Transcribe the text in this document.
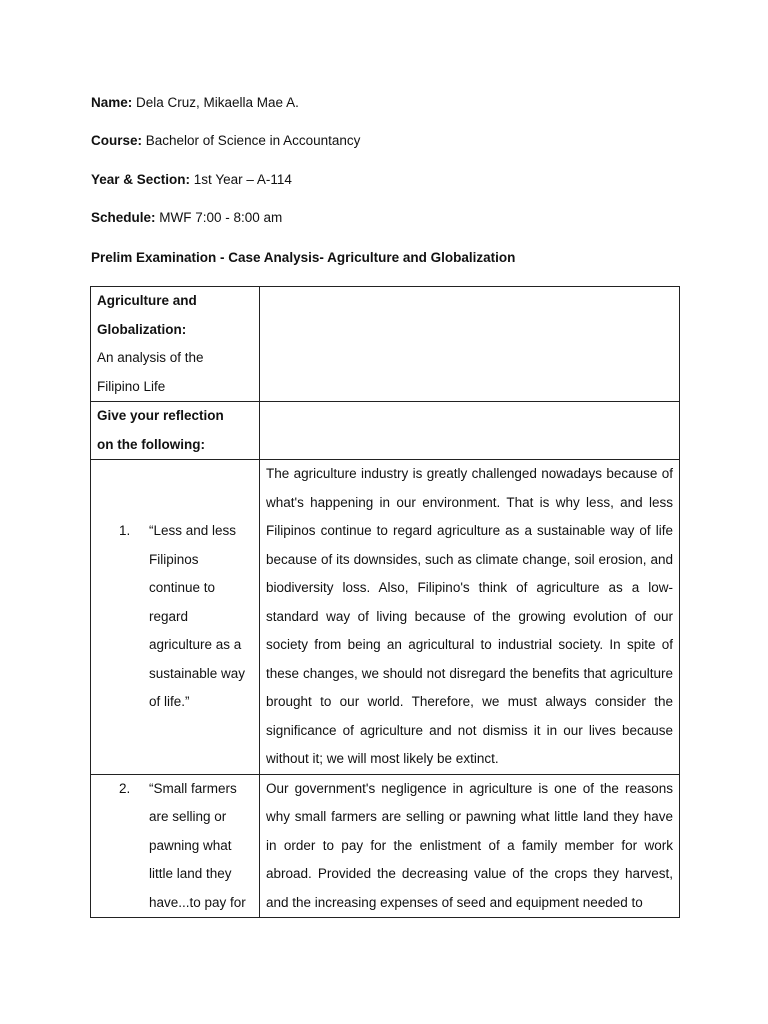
Name: Dela Cruz, Mikaella Mae A.
Course: Bachelor of Science in Accountancy
Year & Section: 1st Year – A-114
Schedule: MWF 7:00 - 8:00 am
Prelim Examination - Case Analysis- Agriculture and Globalization
Agriculture and
Globalization:
An analysis of the
Filipino Life	

Give your reflection
on the following:	

1. “Less and less Filipinos continue to regard agriculture as a sustainable way of life.”	The agriculture industry is greatly challenged nowadays because of what's happening in our environment. That is why less, and less Filipinos continue to regard agriculture as a sustainable way of life because of its downsides, such as climate change, soil erosion, and biodiversity loss. Also, Filipino's think of agriculture as a low-standard way of living because of the growing evolution of our society from being an agricultural to industrial society. In spite of these changes, we should not disregard the benefits that agriculture brought to our world. Therefore, we must always consider the significance of agriculture and not dismiss it in our lives because without it; we will most likely be extinct.

2. “Small farmers are selling or pawning what little land they have...to pay for	Our government's negligence in agriculture is one of the reasons why small farmers are selling or pawning what little land they have in order to pay for the enlistment of a family member for work abroad. Provided the decreasing value of the crops they harvest, and the increasing expenses of seed and equipment needed to
